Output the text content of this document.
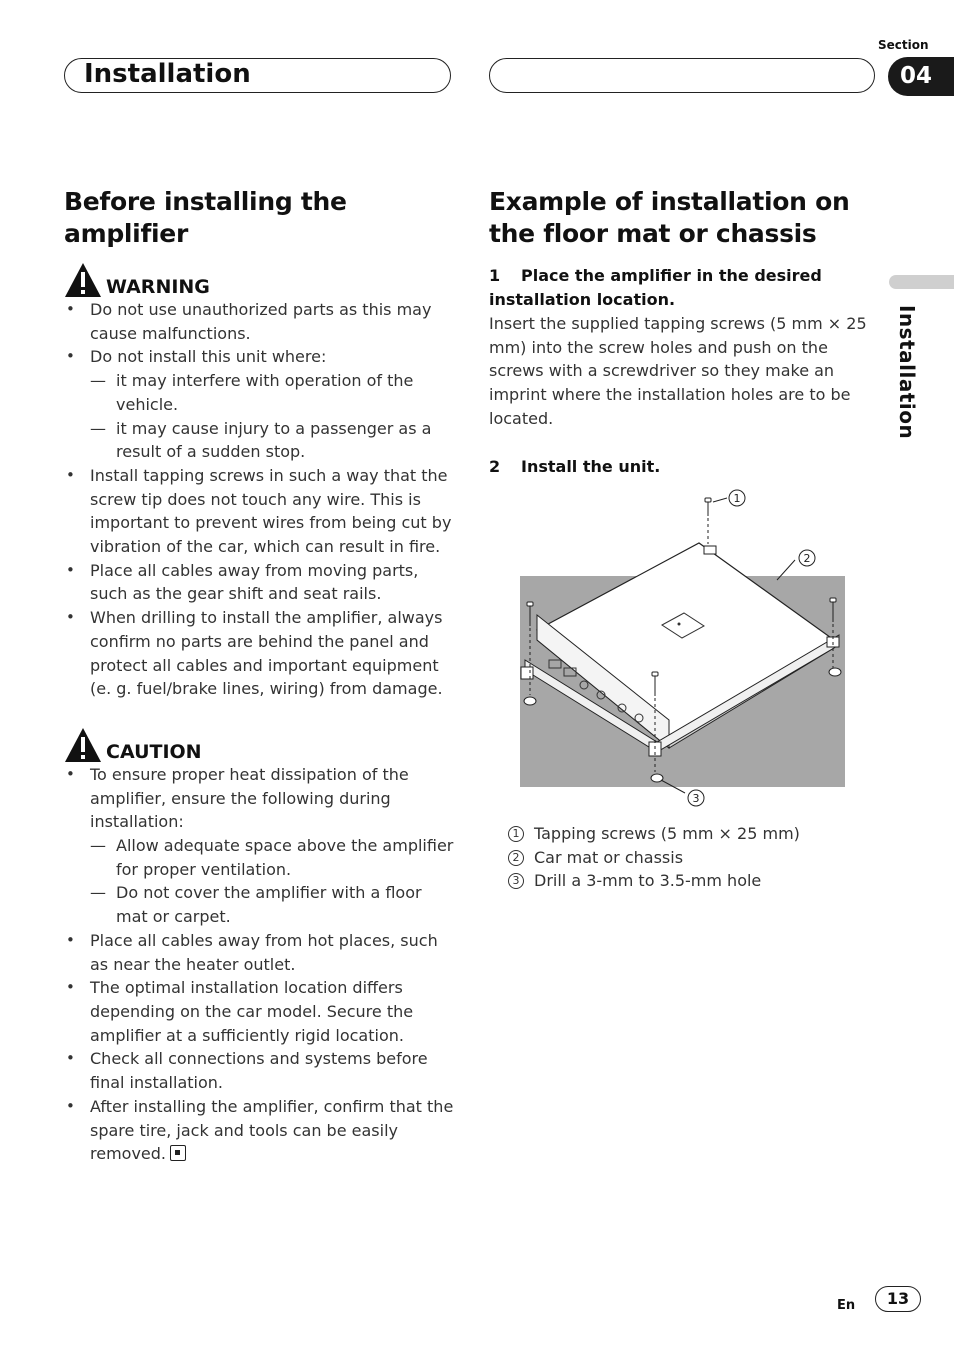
Installation
Section
04
Installation
Before installing the amplifier
WARNING
• Do not use unauthorized parts as this may cause malfunctions.
• Do not install this unit where:
— it may interfere with operation of the vehicle.
— it may cause injury to a passenger as a result of a sudden stop.
• Install tapping screws in such a way that the screw tip does not touch any wire. This is important to prevent wires from being cut by vibration of the car, which can result in fire.
• Place all cables away from moving parts, such as the gear shift and seat rails.
• When drilling to install the amplifier, always confirm no parts are behind the panel and protect all cables and important equipment (e. g. fuel/brake lines, wiring) from damage.
CAUTION
• To ensure proper heat dissipation of the amplifier, ensure the following during installation:
— Allow adequate space above the amplifier for proper ventilation.
— Do not cover the amplifier with a floor mat or carpet.
• Place all cables away from hot places, such as near the heater outlet.
• The optimal installation location differs depending on the car model. Secure the amplifier at a sufficiently rigid location.
• Check all connections and systems before final installation.
• After installing the amplifier, confirm that the spare tire, jack and tools can be easily removed.
Example of installation on the floor mat or chassis
1 Place the amplifier in the desired installation location.
Insert the supplied tapping screws (5 mm × 25 mm) into the screw holes and push on the screws with a screwdriver so they make an imprint where the installation holes are to be located.
2 Install the unit.
1
2
3
1 Tapping screws (5 mm × 25 mm)
2 Car mat or chassis
3 Drill a 3-mm to 3.5-mm hole
En	13
